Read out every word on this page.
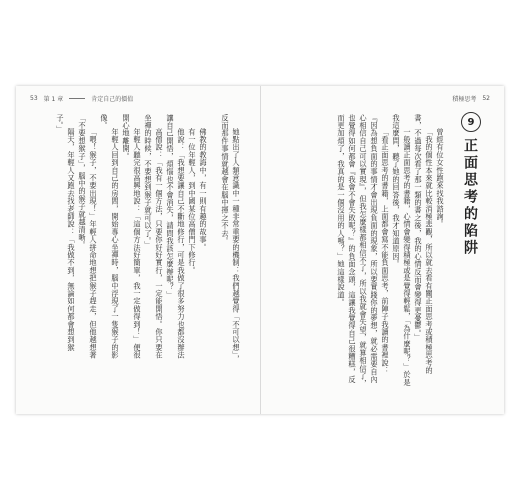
53 第 1 章	肯定自己的價值	積極思考 52
9
正面思考的陷阱

曾經有位女性跑來找我諮詢。

「我的個性本來就比較消極悲觀，所以就去看有關正面思考或積極思考的書，不過每次看了那一類的書之後，我的心情反而會變得更憂鬱。」

一般讀正面思考的書籍，心情會變得積極或是覺得輕鬆，「為什麼呢？」於是我這麼問，聽了她的回答後，我才知道原因。

「看正面思考的書籍，上面都會寫不能負面思考，前陣子我讀的書裡說：『因為想負面的事情才會出現負面的現象，所以要實踐你的夢想，就必需要自內心相信自己可以實現』，但我怎麼樣都相信不了，所以我就會失望，就算相信了，也覺得如何都會『我會不會失敗呢？』的負面念頭，這讓我覺得自己很糟糕，反而更加煩了，我真的是一個沒用的人嗎？」她這樣說道。

她點出了人類意識中一種非常重要的機制：我們越覺得「不可以想」，反而那件事情就越會在腦中揮之不去。

佛教的教誨中，有一則有趣的故事。

有一位年輕人，到中國某位高僧門下修行。

他說：「我想要讓自己不斷地修行，可是我做了很多努力也都沒辦法讓自己開悟，煩惱也不會消失，請問我該怎麼辦呢？」

高僧說：「我有一個方法，只要你好好實行，一定能開悟。你只要在坐禪的時候，不要想到猴子就可以了。」

年輕人聽完很高興地說：「這個方法好簡單，我一定做得到！」便很開心地離開。

年輕人回到自己的房間，開始專心坐禪時，腦中浮現了一隻猴子的影像。

「喂！猴子，不要出現！」年輕人拼命地想把猴子趕走，但他越想著「不要想猴子」，腦中的猴子就越清晰。

隔天，年輕人又跑去找老師說：「我做不到，無論如何都會想到猴子。」
